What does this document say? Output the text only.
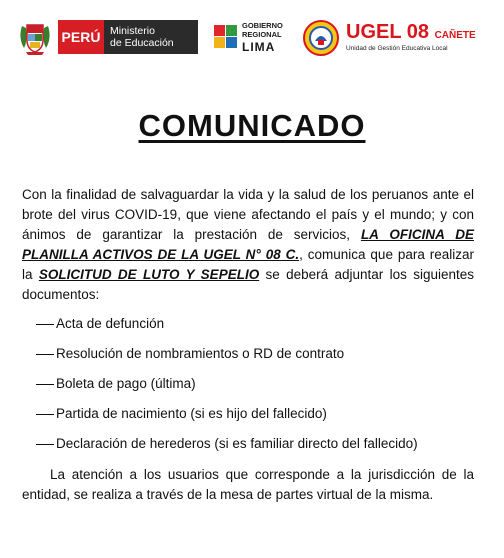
PERÚ Ministerio
de Educación
GOBIERNO
REGIONAL
LIMA
UGEL 08 CAÑETE
Unidad de Gestión Educativa Local
COMUNICADO
Con la finalidad de salvaguardar la vida y la salud de los peruanos ante el brote del virus COVID-19, que viene afectando el país y el mundo; y con ánimos de garantizar la prestación de servicios, LA OFICINA DE PLANILLA ACTIVOS DE LA UGEL N° 08 C., comunica que para realizar la SOLICITUD DE LUTO Y SEPELIO se deberá adjuntar los siguientes documentos:
Acta de defunción
Resolución de nombramientos o RD de contrato
Boleta de pago (última)
Partida de nacimiento (si es hijo del fallecido)
Declaración de herederos (si es familiar directo del fallecido)
La atención a los usuarios que corresponde a la jurisdicción de la entidad, se realiza a través de la mesa de partes virtual de la misma.
